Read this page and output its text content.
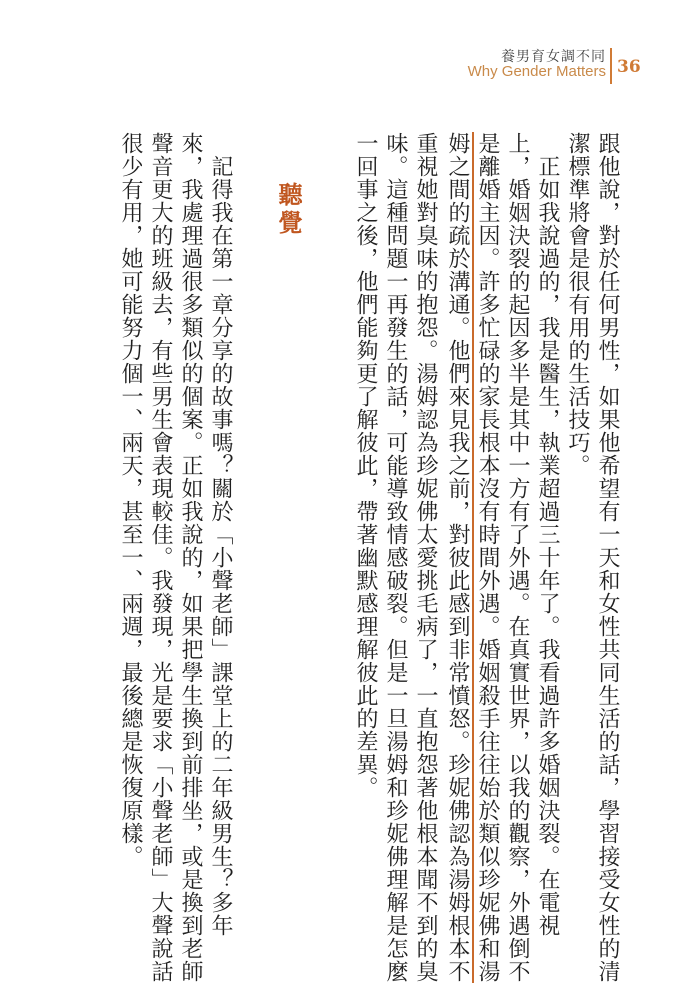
養男育女調不同
Why Gender Matters 36
跟他說，對於任何男性，如果他希望有一天和女性共同生活的話，學習接受女性的清
潔標準將會是很有用的生活技巧。
　正如我說過的，我是醫生，執業超過三十年了。我看過許多婚姻決裂。在電視
上，婚姻決裂的起因多半是其中一方有了外遇。在真實世界，以我的觀察，外遇倒不
是離婚主因。許多忙碌的家長根本沒有時間外遇。婚姻殺手往往始於類似珍妮佛和湯
姆之間的疏於溝通。他們來見我之前，對彼此感到非常憤怒。珍妮佛認為湯姆根本不
重視她對臭味的抱怨。湯姆認為珍妮佛太愛挑毛病了，一直抱怨著他根本聞不到的臭
味。這種問題一再發生的話，可能導致情感破裂。但是一旦湯姆和珍妮佛理解是怎麼
一回事之後，他們能夠更了解彼此，帶著幽默感理解彼此的差異。
聽覺
　記得我在第一章分享的故事嗎？關於「小聲老師」課堂上的二年級男生？多年
來，我處理過很多類似的個案。正如我說的，如果把學生換到前排坐，或是換到老師
聲音更大的班級去，有些男生會表現較佳。我發現，光是要求「小聲老師」大聲說話
很少有用，她可能努力個一、兩天，甚至一、兩週，最後總是恢復原樣。
